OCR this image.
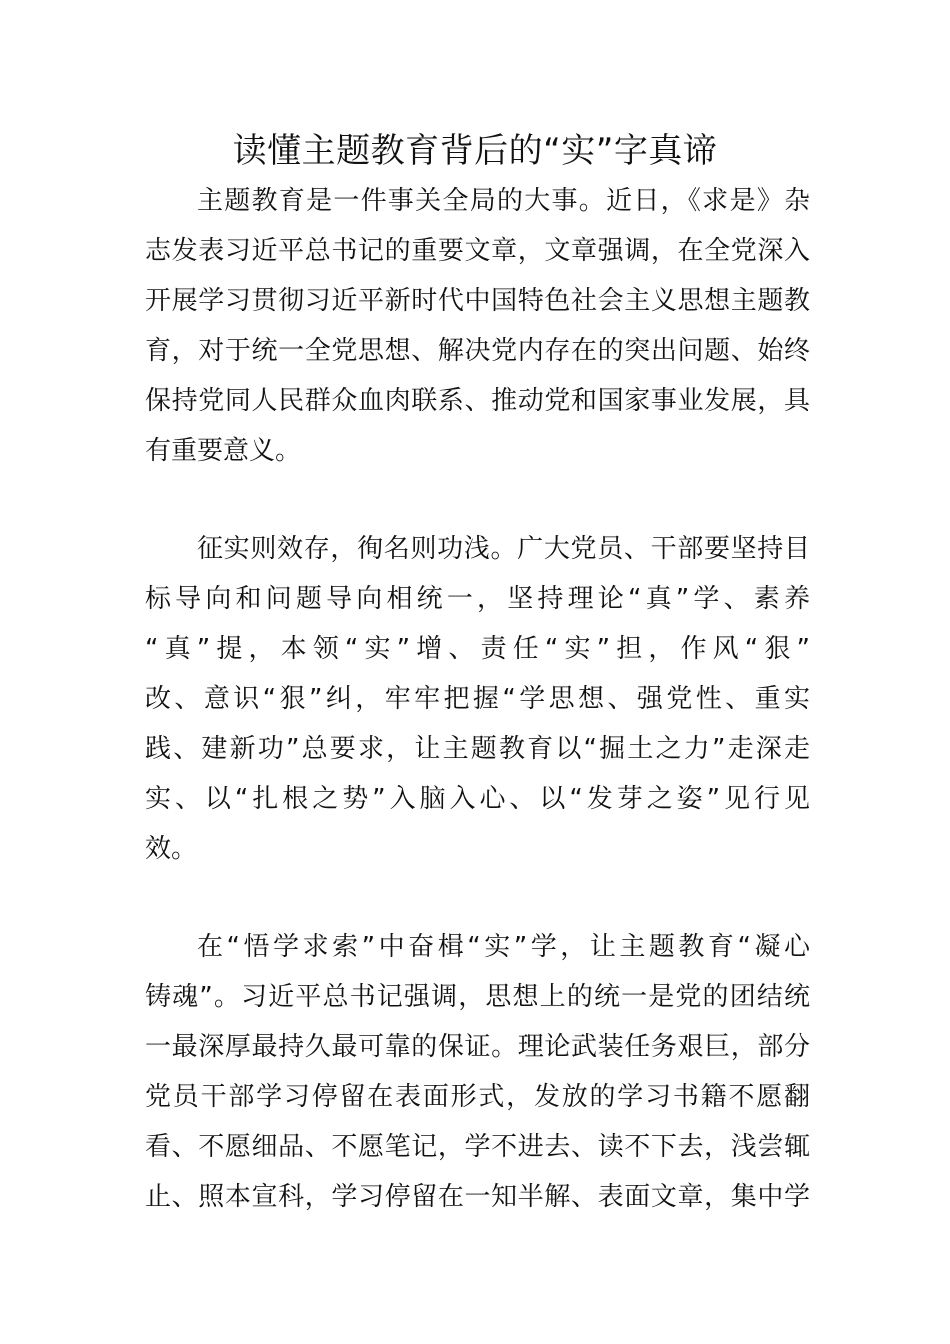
读懂主题教育背后的“实”字真谛
主题教育是一件事关全局的大事。近日，《求是》杂
志发表习近平总书记的重要文章，文章强调，在全党深入
开展学习贯彻习近平新时代中国特色社会主义思想主题教
育，对于统一全党思想、解决党内存在的突出问题、始终
保持党同人民群众血肉联系、推动党和国家事业发展，具
有重要意义。
征实则效存，徇名则功浅。广大党员、干部要坚持目
标导向和问题导向相统一，坚持理论“真”学、素养
“真”提，本领“实”增、责任“实”担，作风“狠”
改、意识“狠”纠，牢牢把握“学思想、强党性、重实
践、建新功”总要求，让主题教育以“掘土之力”走深走
实、以“扎根之势”入脑入心、以“发芽之姿”见行见
效。
在“悟学求索”中奋楫“实”学，让主题教育“凝心
铸魂”。习近平总书记强调，思想上的统一是党的团结统
一最深厚最持久最可靠的保证。理论武装任务艰巨，部分
党员干部学习停留在表面形式，发放的学习书籍不愿翻
看、不愿细品、不愿笔记，学不进去、读不下去，浅尝辄
止、照本宣科，学习停留在一知半解、表面文章，集中学
